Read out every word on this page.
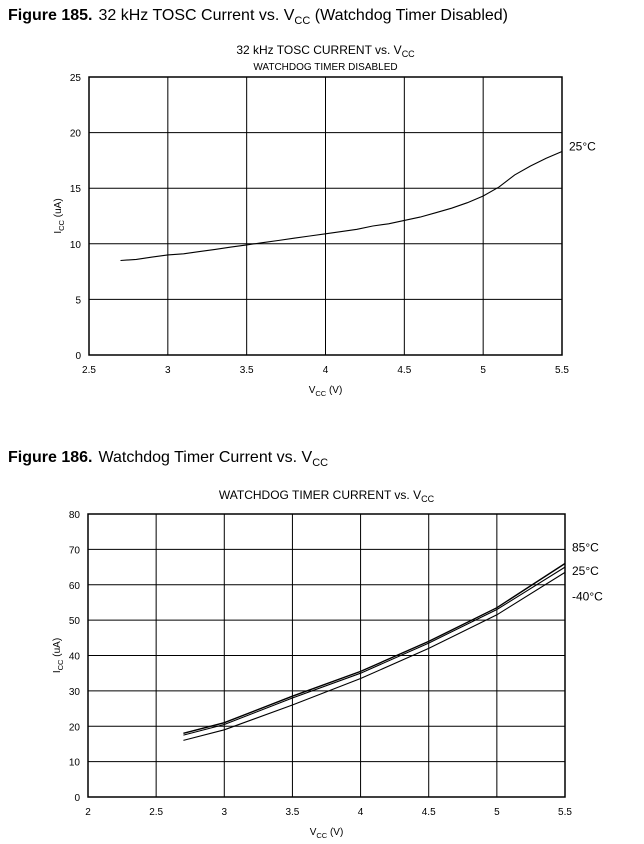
Figure 185. 32 kHz TOSC Current vs. $V_{CC}$ (Watchdog Timer Disabled)
Figure 186. Watchdog Timer Current vs. $V_{CC}$
32 kHz TOSC CURRENT vs. $V_{CC}$
WATCHDOG TIMER DISABLED
2.5	3	3.5	4	4.5	5	5.5
0
5
10
15
20
25
$V_{CC}$ (V)
$I_{CC}$ (uA)
25°C
WATCHDOG TIMER CURRENT vs. $V_{CC}$
2	2.5	3	3.5	4	4.5	5	5.5
0
10
20
30
40
50
60
70
80
$V_{CC}$ (V)
$I_{CC}$ (uA)
85°C
25°C
-40°C
